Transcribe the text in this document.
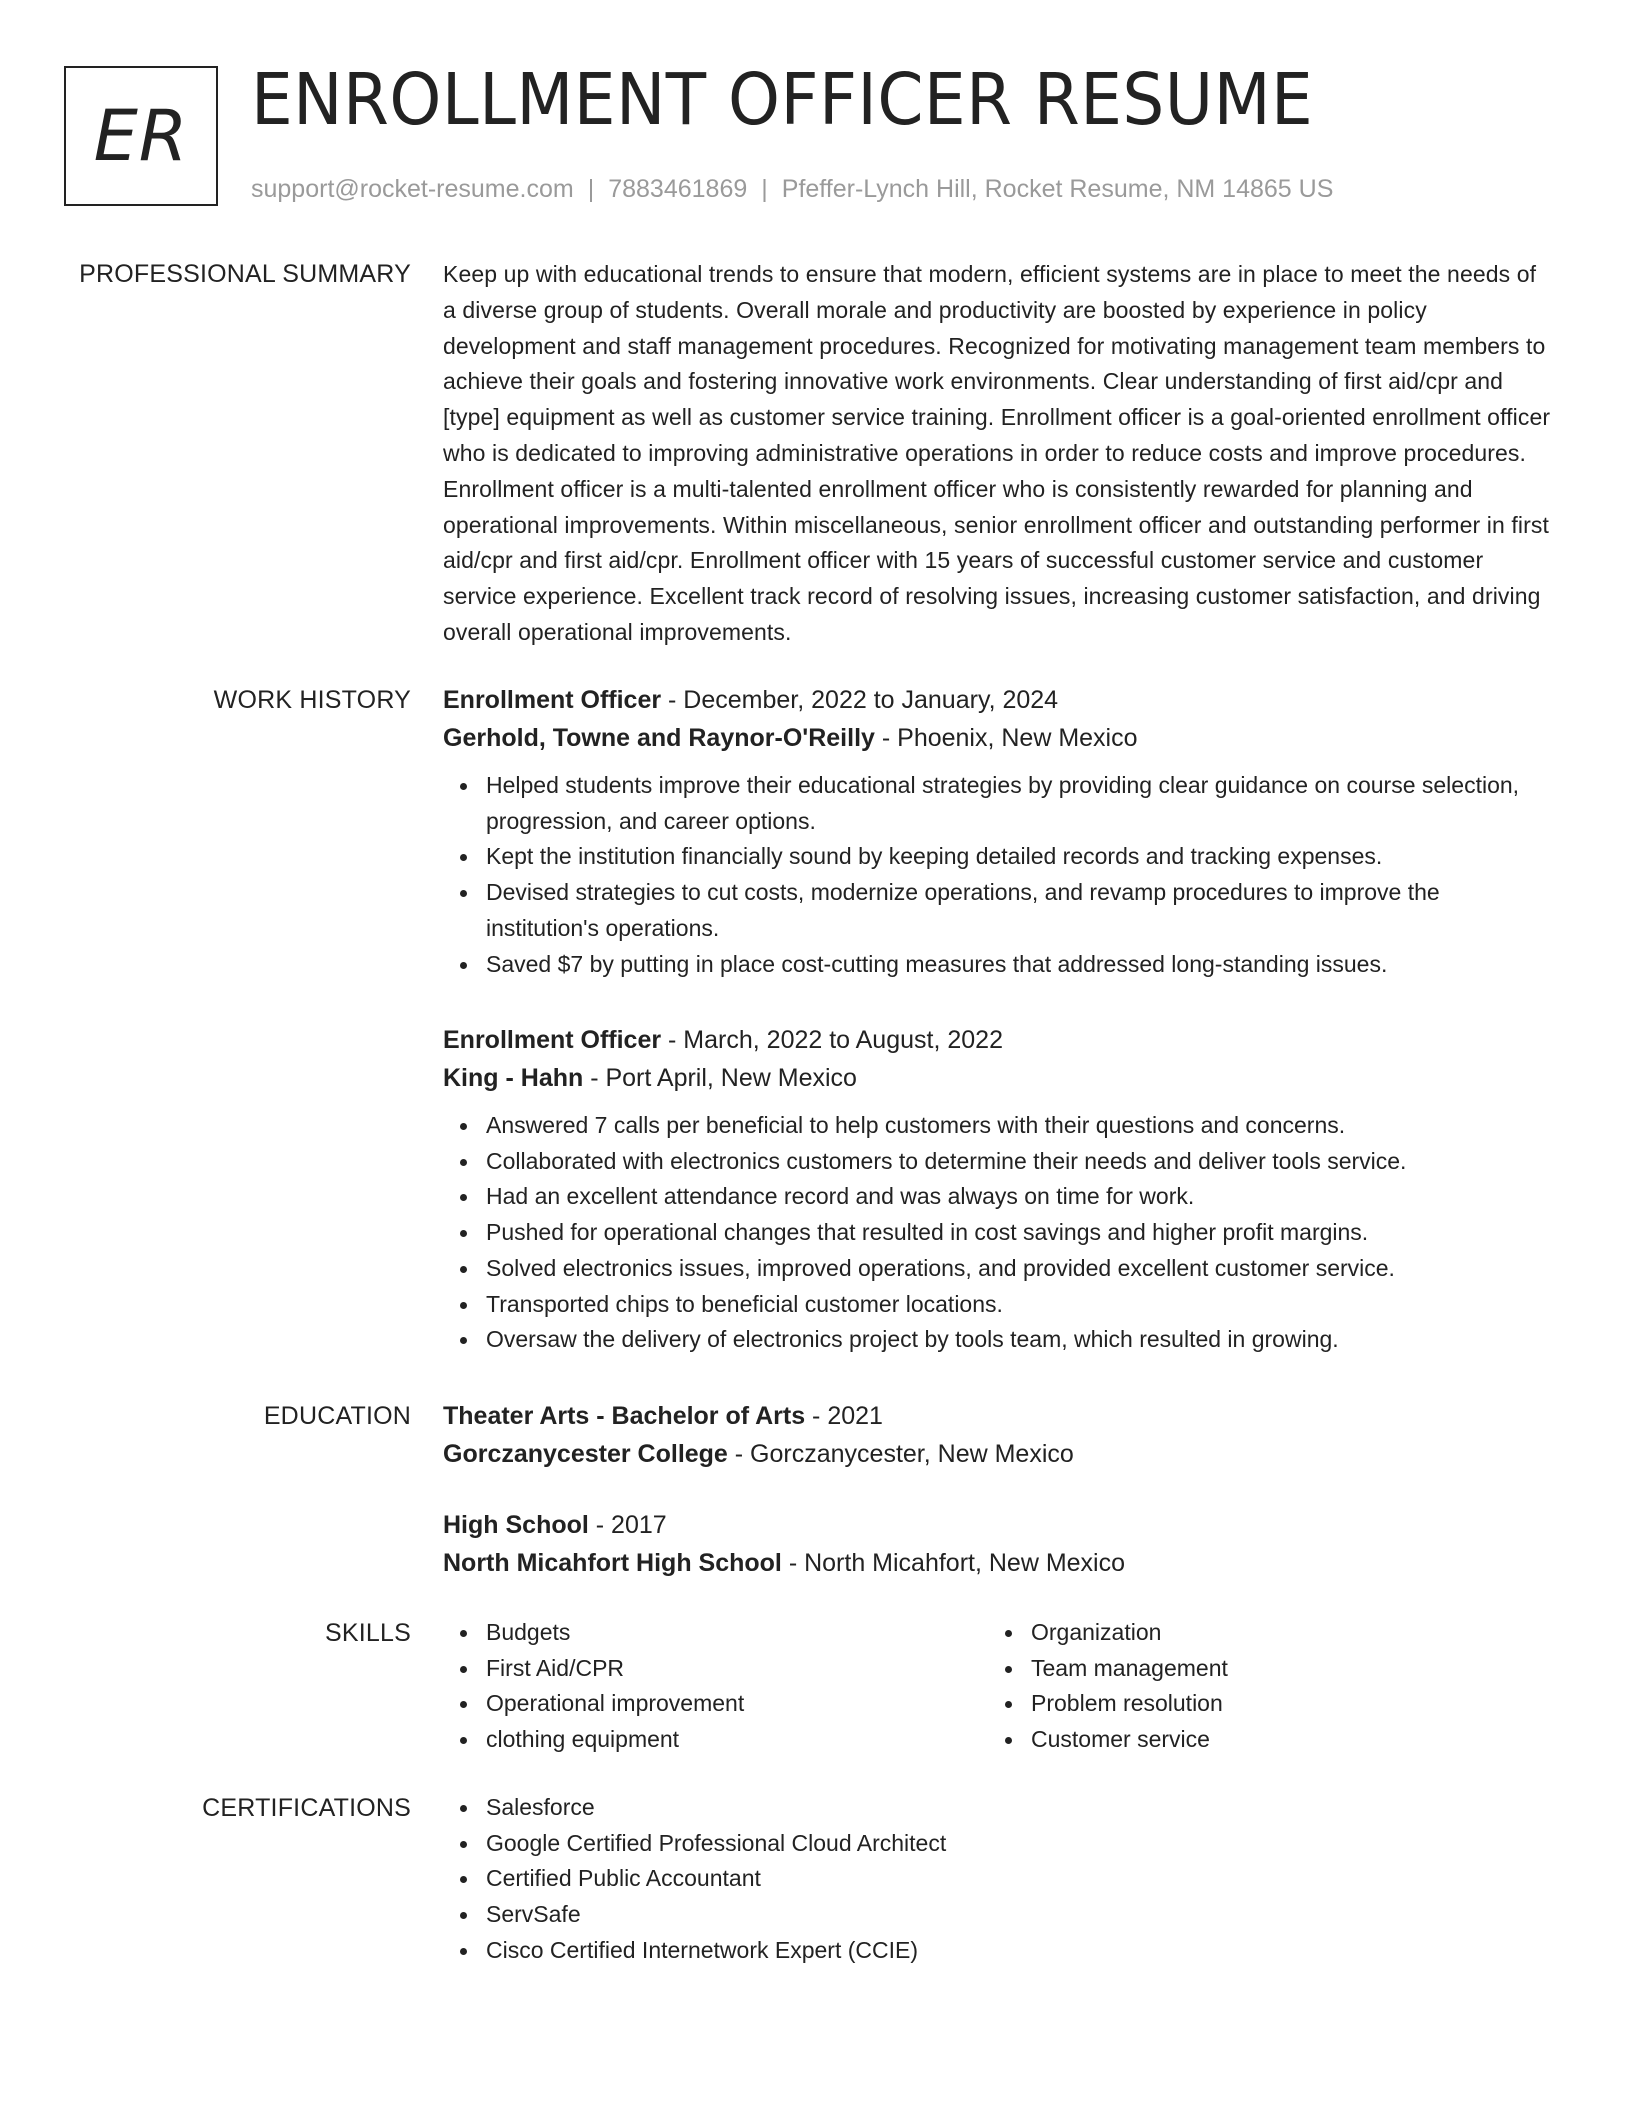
ER ENROLLMENT OFFICER RESUME
support@rocket-resume.com | 7883461869 | Pfeffer-Lynch Hill, Rocket Resume, NM 14865 US
PROFESSIONAL SUMMARY Keep up with educational trends to ensure that modern, efficient systems are in place to meet the needs of a diverse group of students. Overall morale and productivity are boosted by experience in policy development and staff management procedures. Recognized for motivating management team members to achieve their goals and fostering innovative work environments. Clear understanding of first aid/cpr and [type] equipment as well as customer service training. Enrollment officer is a goal-oriented enrollment officer who is dedicated to improving administrative operations in order to reduce costs and improve procedures. Enrollment officer is a multi-talented enrollment officer who is consistently rewarded for planning and operational improvements. Within miscellaneous, senior enrollment officer and outstanding performer in first aid/cpr and first aid/cpr. Enrollment officer with 15 years of successful customer service and customer service experience. Excellent track record of resolving issues, increasing customer satisfaction, and driving overall operational improvements.
WORK HISTORY Enrollment Officer - December, 2022 to January, 2024
Gerhold, Towne and Raynor-O'Reilly - Phoenix, New Mexico
Helped students improve their educational strategies by providing clear guidance on course selection, progression, and career options.
Kept the institution financially sound by keeping detailed records and tracking expenses.
Devised strategies to cut costs, modernize operations, and revamp procedures to improve the institution's operations.
Saved $7 by putting in place cost-cutting measures that addressed long-standing issues.
Enrollment Officer - March, 2022 to August, 2022
King - Hahn - Port April, New Mexico
Answered 7 calls per beneficial to help customers with their questions and concerns.
Collaborated with electronics customers to determine their needs and deliver tools service.
Had an excellent attendance record and was always on time for work.
Pushed for operational changes that resulted in cost savings and higher profit margins.
Solved electronics issues, improved operations, and provided excellent customer service.
Transported chips to beneficial customer locations.
Oversaw the delivery of electronics project by tools team, which resulted in growing.
EDUCATION Theater Arts - Bachelor of Arts - 2021
Gorczanycester College - Gorczanycester, New Mexico
High School - 2017
North Micahfort High School - North Micahfort, New Mexico
SKILLS	Budgets
First Aid/CPR
Operational improvement
clothing equipment
Organization
Team management
Problem resolution
Customer service
CERTIFICATIONS	Salesforce
Google Certified Professional Cloud Architect
Certified Public Accountant
ServSafe
Cisco Certified Internetwork Expert (CCIE)
